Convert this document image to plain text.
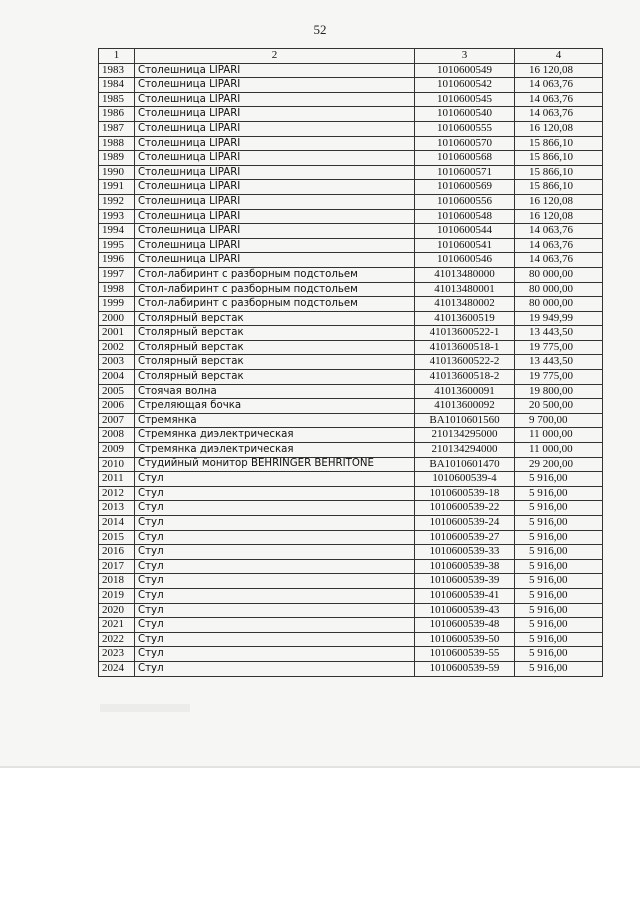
52
1	2	3	4
1983	Столешница LIPARI	1010600549	16 120,08
1984	Столешница LIPARI	1010600542	14 063,76
1985	Столешница LIPARI	1010600545	14 063,76
1986	Столешница LIPARI	1010600540	14 063,76
1987	Столешница LIPARI	1010600555	16 120,08
1988	Столешница LIPARI	1010600570	15 866,10
1989	Столешница LIPARI	1010600568	15 866,10
1990	Столешница LIPARI	1010600571	15 866,10
1991	Столешница LIPARI	1010600569	15 866,10
1992	Столешница LIPARI	1010600556	16 120,08
1993	Столешница LIPARI	1010600548	16 120,08
1994	Столешница LIPARI	1010600544	14 063,76
1995	Столешница LIPARI	1010600541	14 063,76
1996	Столешница LIPARI	1010600546	14 063,76
1997	Стол-лабиринт с разборным подстольем	41013480000	80 000,00
1998	Стол-лабиринт с разборным подстольем	41013480001	80 000,00
1999	Стол-лабиринт с разборным подстольем	41013480002	80 000,00
2000	Столярный верстак	41013600519	19 949,99
2001	Столярный верстак	41013600522-1	13 443,50
2002	Столярный верстак	41013600518-1	19 775,00
2003	Столярный верстак	41013600522-2	13 443,50
2004	Столярный верстак	41013600518-2	19 775,00
2005	Стоячая волна	41013600091	19 800,00
2006	Стреляющая бочка	41013600092	20 500,00
2007	Стремянка	BA1010601560	9 700,00
2008	Стремянка диэлектрическая	210134295000	11 000,00
2009	Стремянка диэлектрическая	210134294000	11 000,00
2010	Студийный монитор BEHRINGER BEHRITONE	BA1010601470	29 200,00
2011	Стул	1010600539-4	5 916,00
2012	Стул	1010600539-18	5 916,00
2013	Стул	1010600539-22	5 916,00
2014	Стул	1010600539-24	5 916,00
2015	Стул	1010600539-27	5 916,00
2016	Стул	1010600539-33	5 916,00
2017	Стул	1010600539-38	5 916,00
2018	Стул	1010600539-39	5 916,00
2019	Стул	1010600539-41	5 916,00
2020	Стул	1010600539-43	5 916,00
2021	Стул	1010600539-48	5 916,00
2022	Стул	1010600539-50	5 916,00
2023	Стул	1010600539-55	5 916,00
2024	Стул	1010600539-59	5 916,00
